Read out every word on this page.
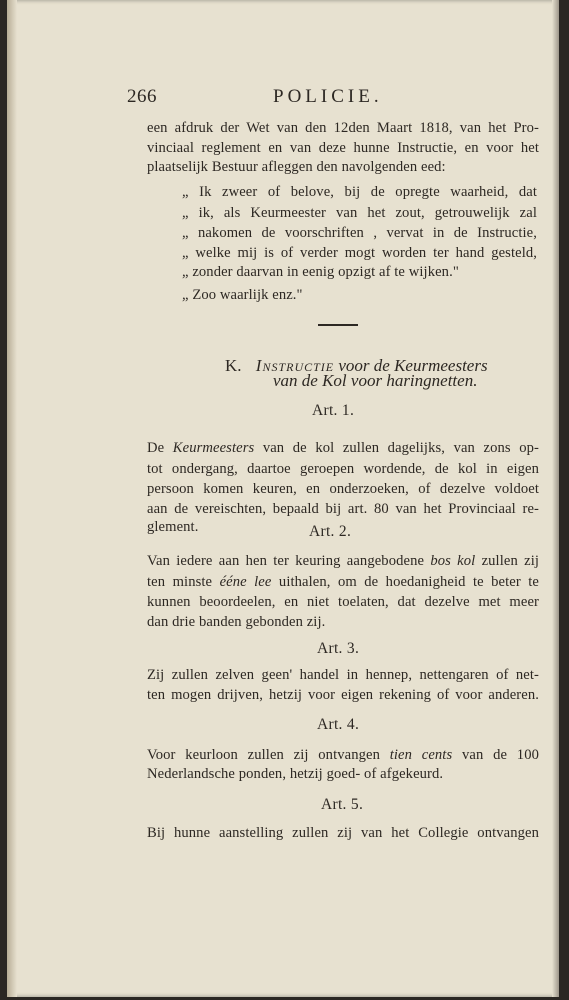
266	POLICIE.
een afdruk der Wet van den 12den Maart 1818, van het Pro-
vinciaal reglement en van deze hunne Instructie, en voor het
plaatselijk Bestuur afleggen den navolgenden eed:
„ Ik zweer of belove, bij de opregte waarheid, dat
„ ik, als Keurmeester van het zout, getrouwelijk zal
„ nakomen de voorschriften , vervat in de Instructie,
„ welke mij is of verder mogt worden ter hand gesteld,
„ zonder daarvan in eenig opzigt af te wijken."
„ Zoo waarlijk enz."
K. Instructie voor de Keurmeesters
van de Kol voor haringnetten.
Art. 1.
De Keurmeesters van de kol zullen dagelijks, van zons op-
tot ondergang, daartoe geroepen wordende, de kol in eigen
persoon komen keuren, en onderzoeken, of dezelve voldoet
aan de vereischten, bepaald bij art. 80 van het Provinciaal re-
glement.	Art. 2.
Van iedere aan hen ter keuring aangebodene bos kol zullen zij
ten minste ééne lee uithalen, om de hoedanigheid te beter te
kunnen beoordeelen, en niet toelaten, dat dezelve met meer
dan drie banden gebonden zij.
Art. 3.
Zij zullen zelven geen' handel in hennep, nettengaren of net-
ten mogen drijven, hetzij voor eigen rekening of voor anderen.
Art. 4.
Voor keurloon zullen zij ontvangen tien cents van de 100
Nederlandsche ponden, hetzij goed- of afgekeurd.
Art. 5.
Bij hunne aanstelling zullen zij van het Collegie ontvangen
